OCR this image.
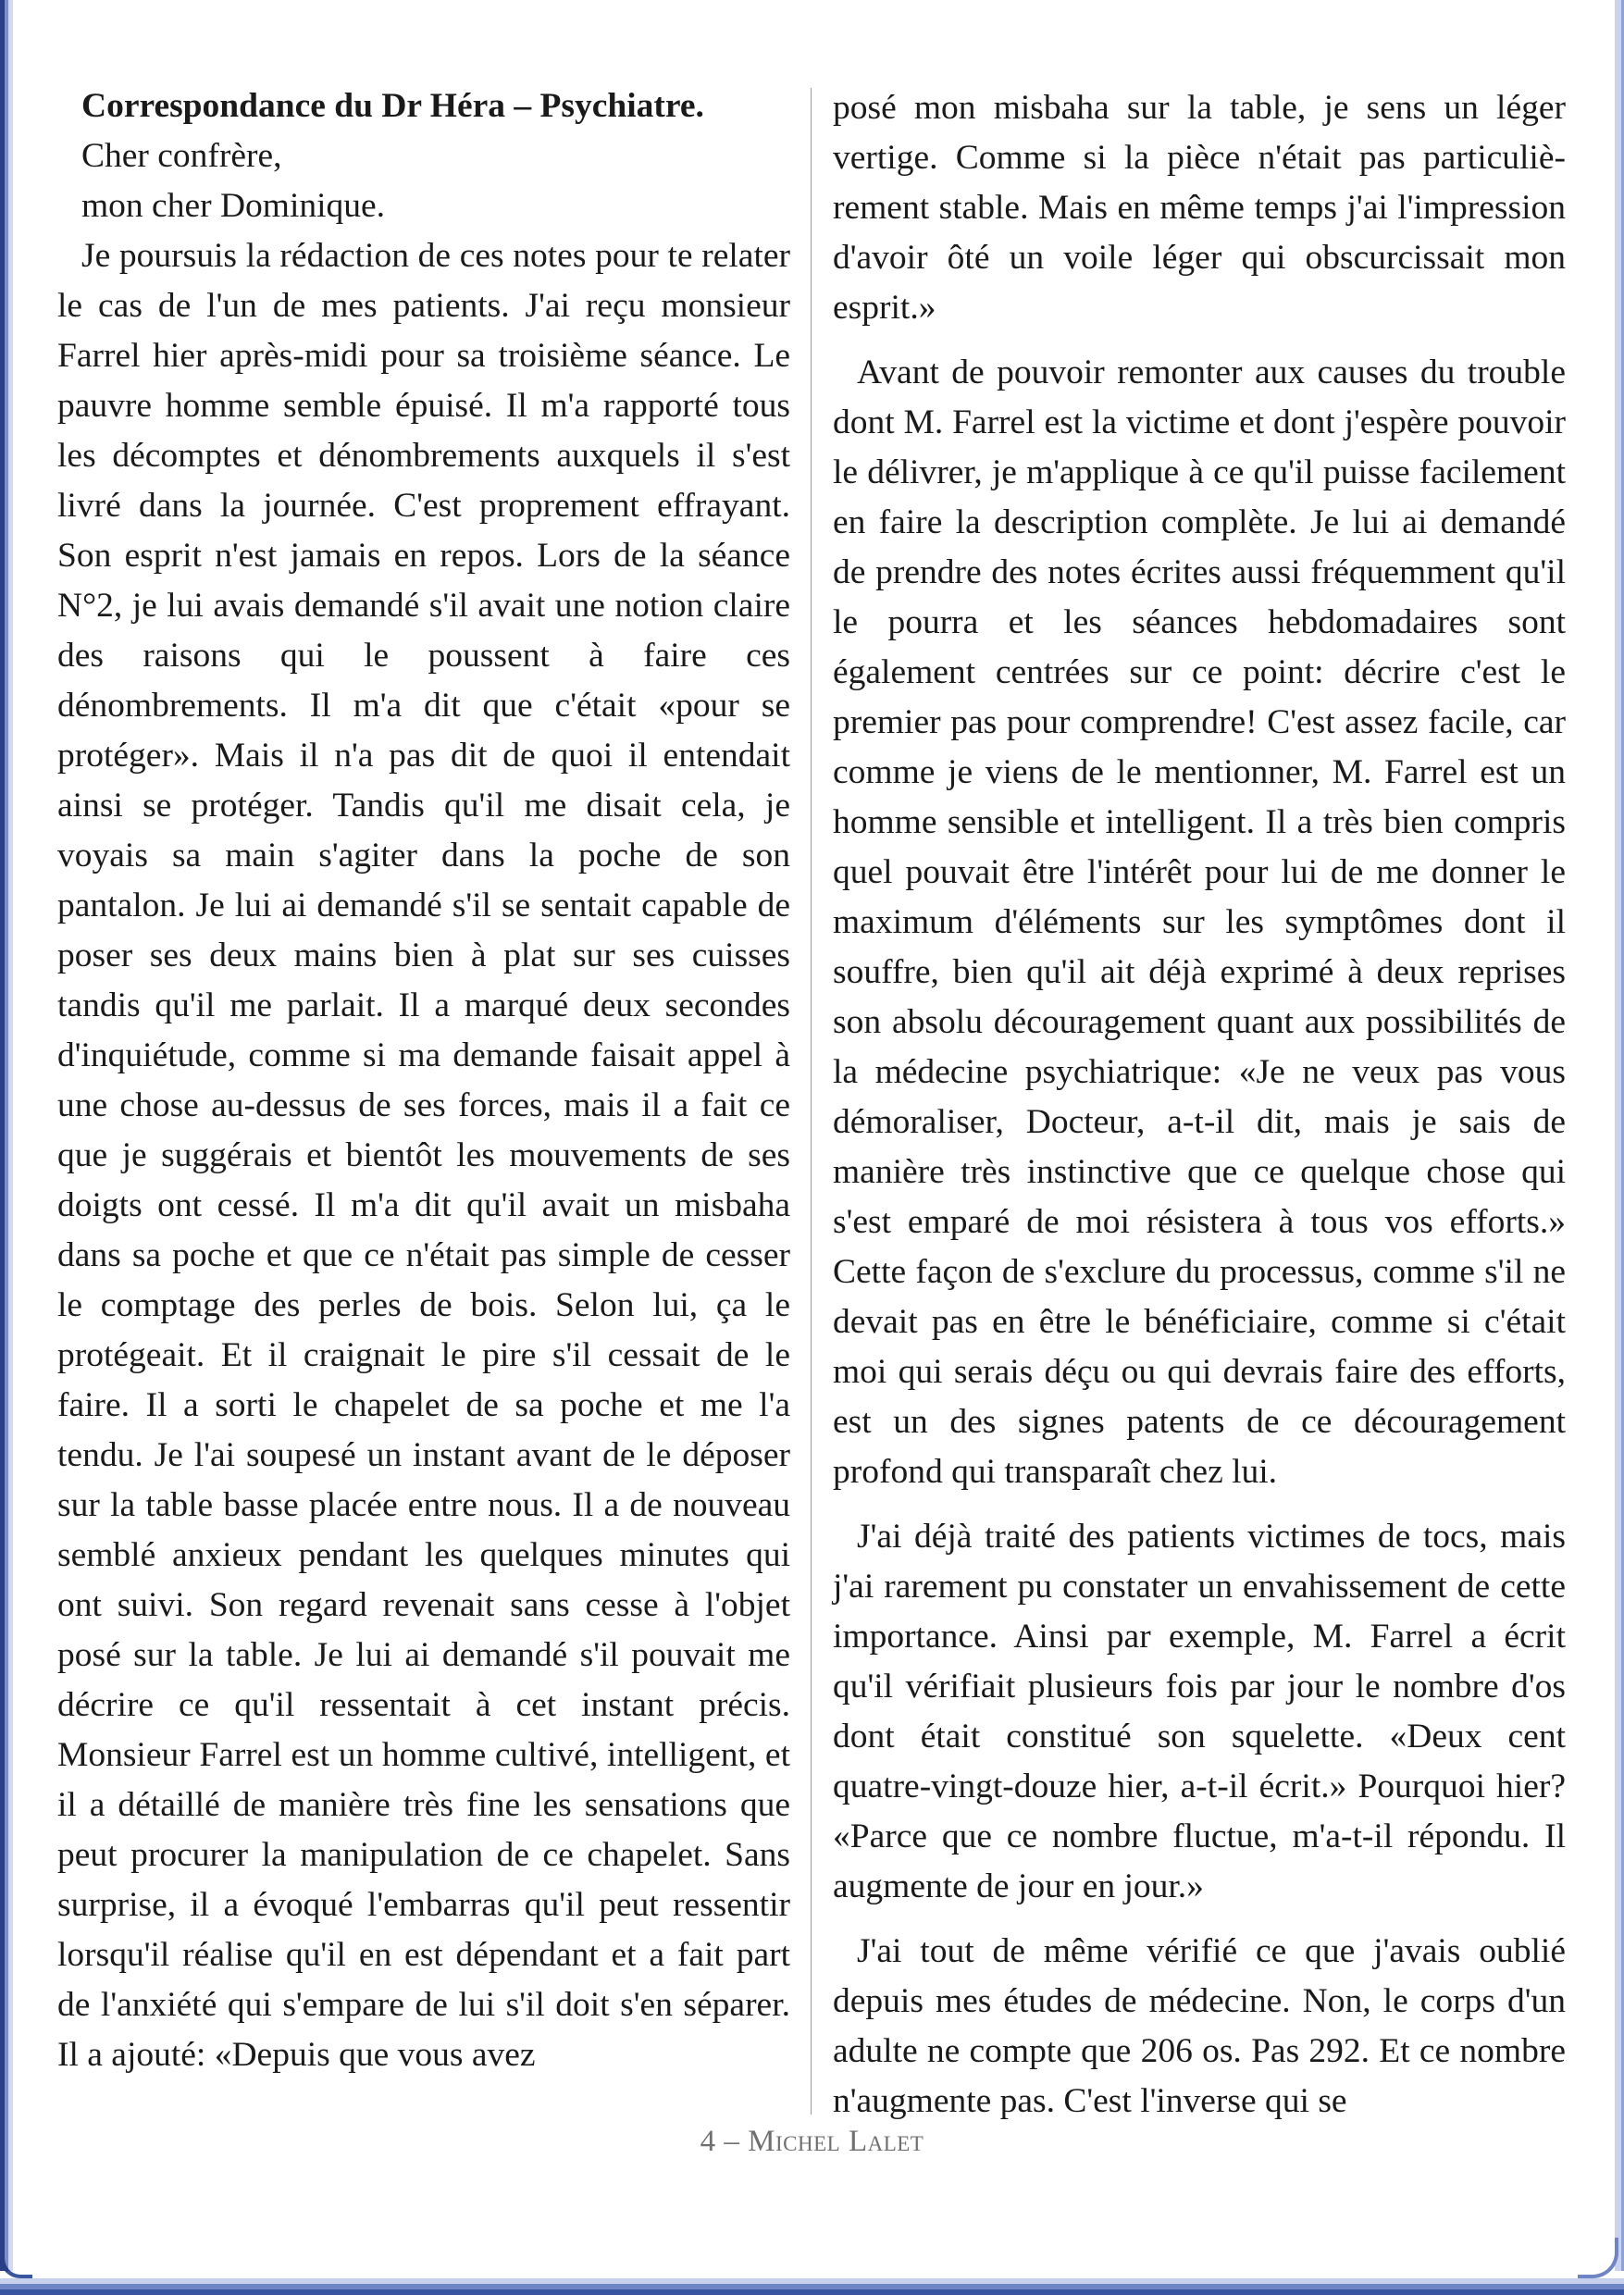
Correspondance du Dr Héra – Psychiatre.

Cher confrère,

mon cher Dominique.

Je poursuis la rédaction de ces notes pour te relater le cas de l'un de mes patients. J'ai reçu monsieur Farrel hier après-midi pour sa troisième séance. Le pauvre homme semble épuisé. Il m'a rapporté tous les décomptes et dénombrements auxquels il s'est livré dans la journée. C'est proprement effrayant. Son esprit n'est jamais en repos. Lors de la séance N°2, je lui avais demandé s'il avait une notion claire des raisons qui le poussent à faire ces dénombrements. Il m'a dit que c'était «pour se protéger». Mais il n'a pas dit de quoi il entendait ainsi se protéger. Tandis qu'il me disait cela, je voyais sa main s'agiter dans la poche de son pantalon. Je lui ai demandé s'il se sentait capable de poser ses deux mains bien à plat sur ses cuisses tandis qu'il me parlait. Il a marqué deux secondes d'inquiétude, comme si ma demande faisait appel à une chose au-dessus de ses forces, mais il a fait ce que je suggérais et bientôt les mouvements de ses doigts ont cessé. Il m'a dit qu'il avait un misbaha dans sa poche et que ce n'était pas simple de cesser le comptage des perles de bois. Selon lui, ça le protégeait. Et il craignait le pire s'il cessait de le faire. Il a sorti le chapelet de sa poche et me l'a tendu. Je l'ai soupesé un instant avant de le déposer sur la table basse placée entre nous. Il a de nouveau semblé anxieux pendant les quelques minutes qui ont suivi. Son regard revenait sans cesse à l'objet posé sur la table. Je lui ai demandé s'il pouvait me décrire ce qu'il ressentait à cet instant précis. Monsieur Farrel est un homme cultivé, intelligent, et il a détaillé de manière très fine les sensations que peut procurer la manipulation de ce chapelet. Sans surprise, il a évoqué l'embarras qu'il peut ressentir lorsqu'il réalise qu'il en est dépendant et a fait part de l'anxiété qui s'empare de lui s'il doit s'en séparer. Il a ajouté: «Depuis que vous avez

posé mon misbaha sur la table, je sens un léger vertige. Comme si la pièce n'était pas particulièrement stable. Mais en même temps j'ai l'impression d'avoir ôté un voile léger qui obscurcissait mon esprit.»

Avant de pouvoir remonter aux causes du trouble dont M. Farrel est la victime et dont j'espère pouvoir le délivrer, je m'applique à ce qu'il puisse facilement en faire la description complète. Je lui ai demandé de prendre des notes écrites aussi fréquemment qu'il le pourra et les séances hebdomadaires sont également centrées sur ce point: décrire c'est le premier pas pour comprendre! C'est assez facile, car comme je viens de le mentionner, M. Farrel est un homme sensible et intelligent. Il a très bien compris quel pouvait être l'intérêt pour lui de me donner le maximum d'éléments sur les symptômes dont il souffre, bien qu'il ait déjà exprimé à deux reprises son absolu découragement quant aux possibilités de la médecine psychiatrique: «Je ne veux pas vous démoraliser, Docteur, a-t-il dit, mais je sais de manière très instinctive que ce quelque chose qui s'est emparé de moi résistera à tous vos efforts.» Cette façon de s'exclure du processus, comme s'il ne devait pas en être le bénéficiaire, comme si c'était moi qui serais déçu ou qui devrais faire des efforts, est un des signes patents de ce découragement profond qui transparaît chez lui.

J'ai déjà traité des patients victimes de tocs, mais j'ai rarement pu constater un envahissement de cette importance. Ainsi par exemple, M. Farrel a écrit qu'il vérifiait plusieurs fois par jour le nombre d'os dont était constitué son squelette. «Deux cent quatre-vingt-douze hier, a-t-il écrit.» Pourquoi hier? «Parce que ce nombre fluctue, m'a-t-il répondu. Il augmente de jour en jour.»

J'ai tout de même vérifié ce que j'avais oublié depuis mes études de médecine. Non, le corps d'un adulte ne compte que 206 os. Pas 292. Et ce nombre n'augmente pas. C'est l'inverse qui se

4 – Michel Lalet
